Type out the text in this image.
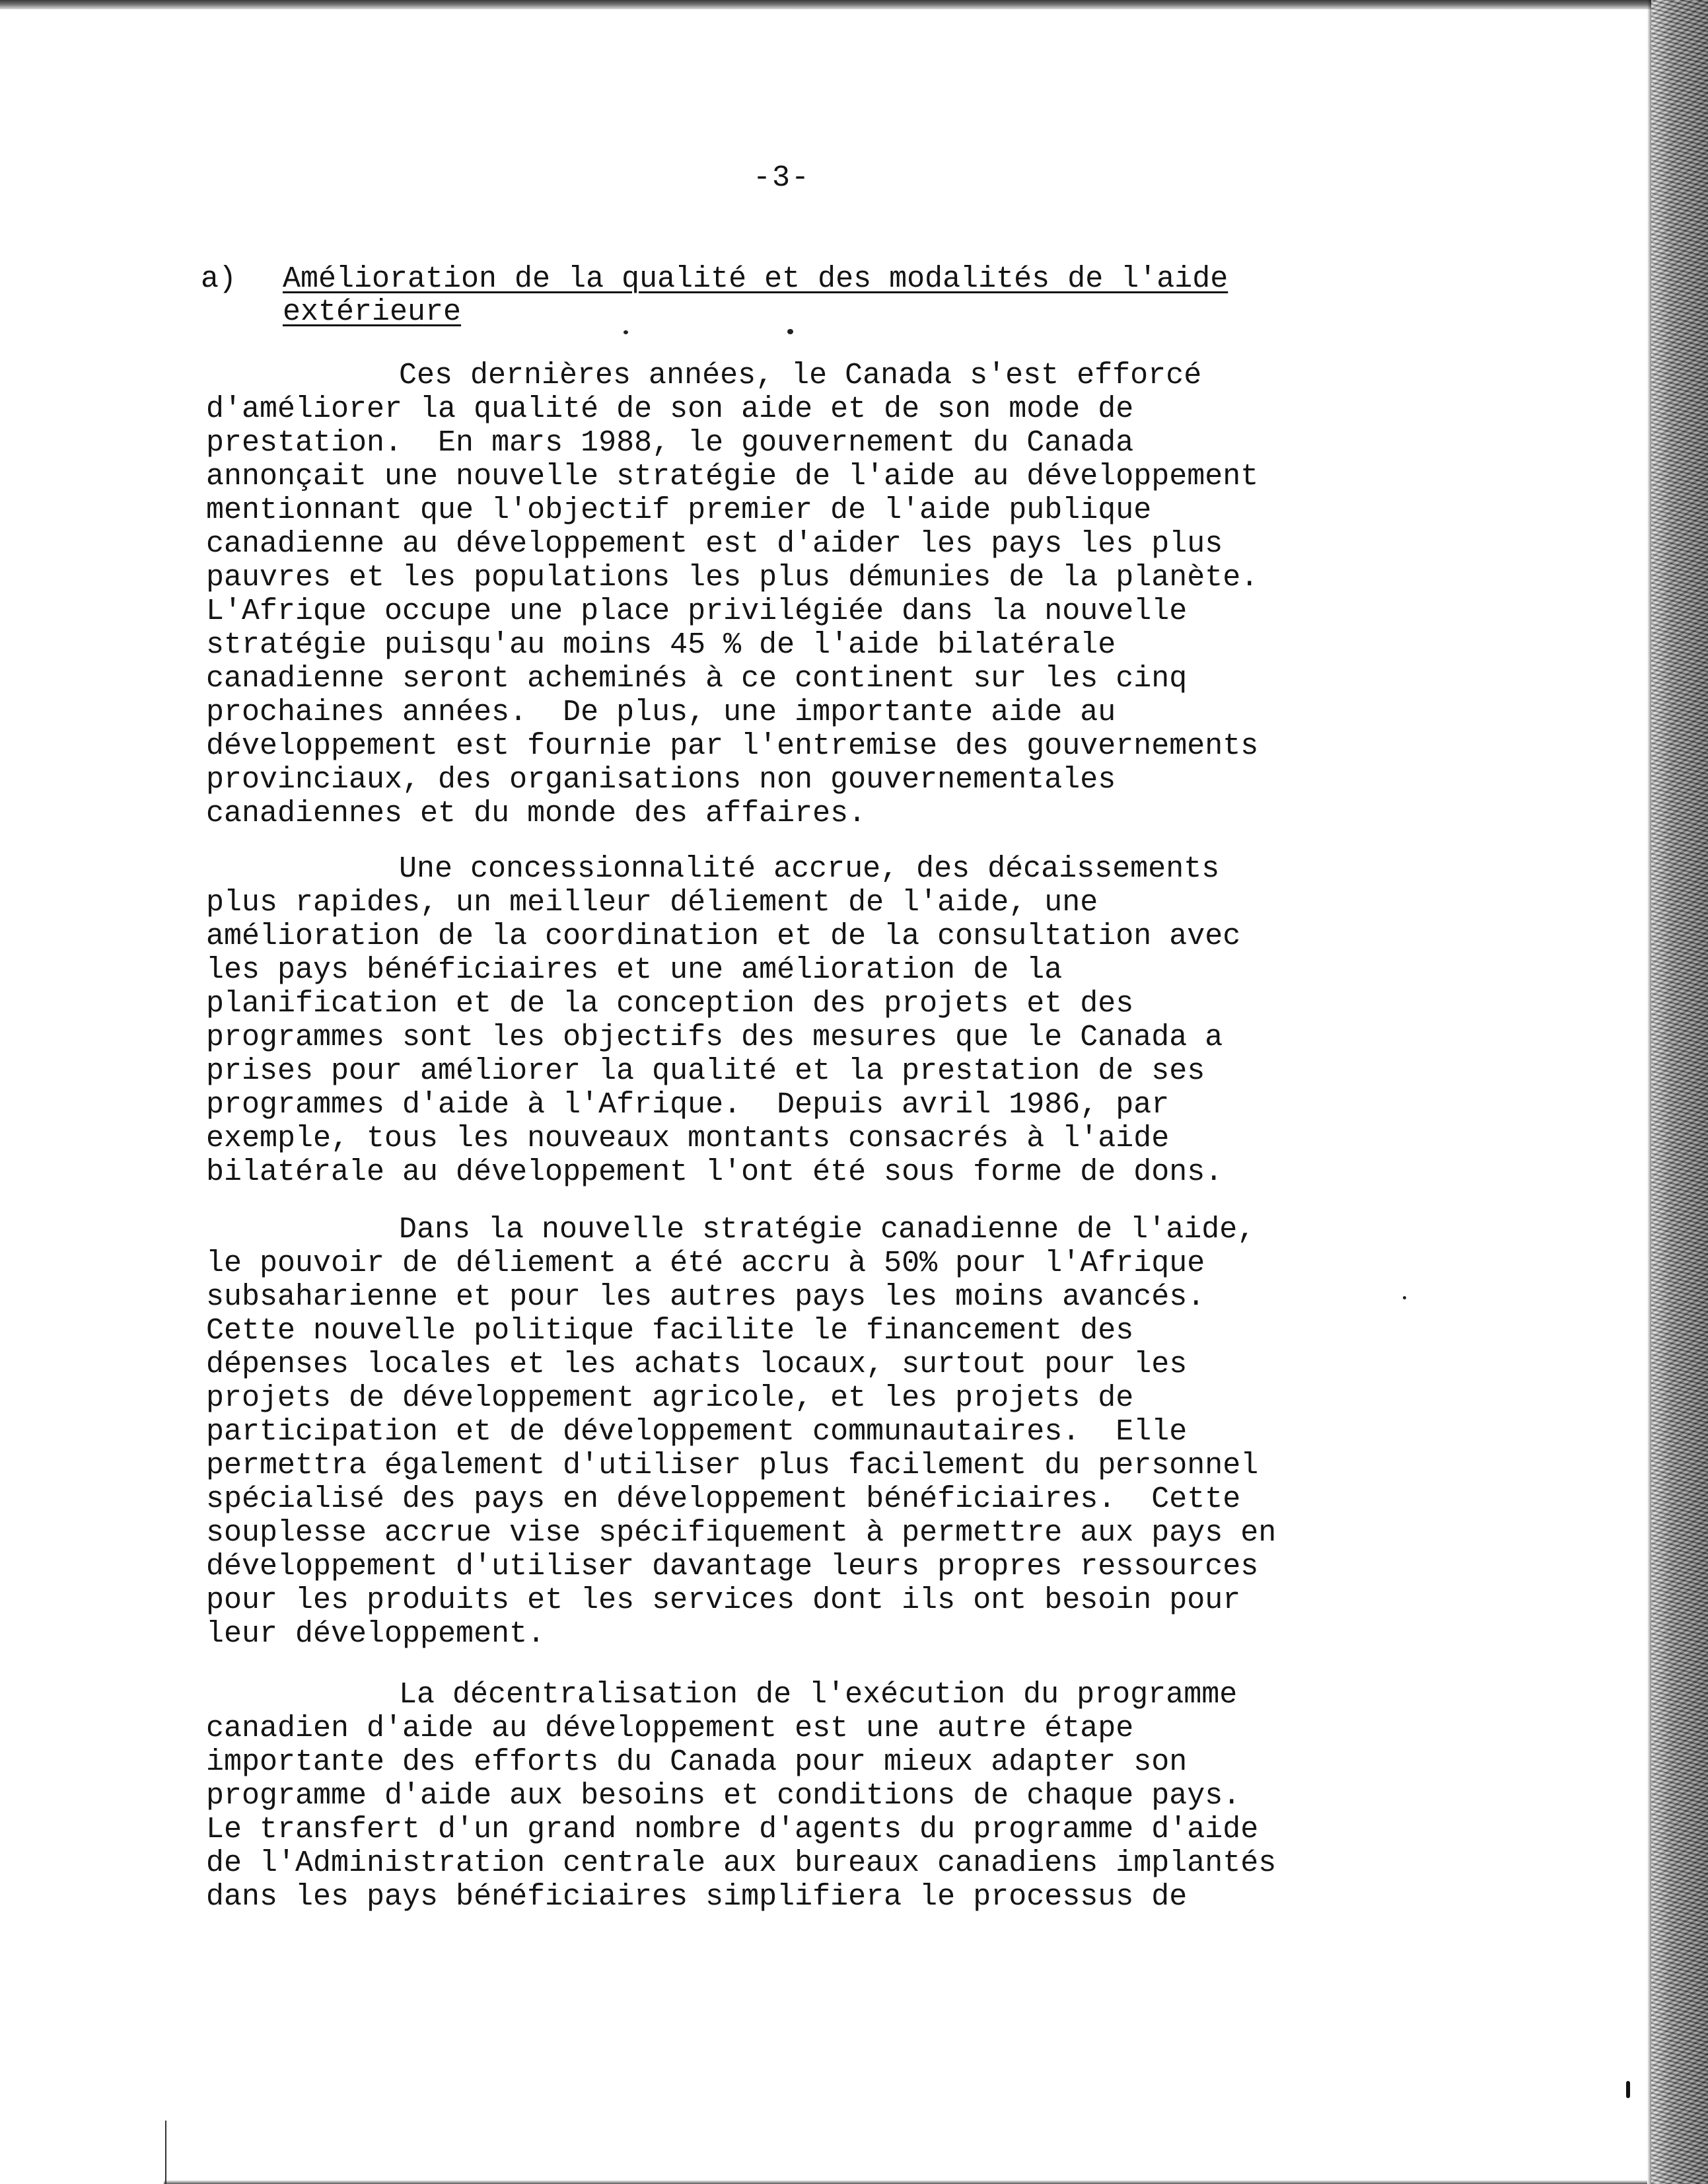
-3-
a) Amélioration de la qualité et des modalités de l'aide
extérieure
Ces dernières années, le Canada s'est efforcé
d'améliorer la qualité de son aide et de son mode de
prestation.  En mars 1988, le gouvernement du Canada
annonçait une nouvelle stratégie de l'aide au développement
mentionnant que l'objectif premier de l'aide publique
canadienne au développement est d'aider les pays les plus
pauvres et les populations les plus démunies de la planète.
L'Afrique occupe une place privilégiée dans la nouvelle
stratégie puisqu'au moins 45 % de l'aide bilatérale
canadienne seront acheminés à ce continent sur les cinq
prochaines années.  De plus, une importante aide au
développement est fournie par l'entremise des gouvernements
provinciaux, des organisations non gouvernementales
canadiennes et du monde des affaires.
Une concessionnalité accrue, des décaissements
plus rapides, un meilleur déliement de l'aide, une
amélioration de la coordination et de la consultation avec
les pays bénéficiaires et une amélioration de la
planification et de la conception des projets et des
programmes sont les objectifs des mesures que le Canada a
prises pour améliorer la qualité et la prestation de ses
programmes d'aide à l'Afrique.  Depuis avril 1986, par
exemple, tous les nouveaux montants consacrés à l'aide
bilatérale au développement l'ont été sous forme de dons.
Dans la nouvelle stratégie canadienne de l'aide,
le pouvoir de déliement a été accru à 50% pour l'Afrique
subsaharienne et pour les autres pays les moins avancés.
Cette nouvelle politique facilite le financement des
dépenses locales et les achats locaux, surtout pour les
projets de développement agricole, et les projets de
participation et de développement communautaires.  Elle
permettra également d'utiliser plus facilement du personnel
spécialisé des pays en développement bénéficiaires.  Cette
souplesse accrue vise spécifiquement à permettre aux pays en
développement d'utiliser davantage leurs propres ressources
pour les produits et les services dont ils ont besoin pour
leur développement.
La décentralisation de l'exécution du programme
canadien d'aide au développement est une autre étape
importante des efforts du Canada pour mieux adapter son
programme d'aide aux besoins et conditions de chaque pays.
Le transfert d'un grand nombre d'agents du programme d'aide
de l'Administration centrale aux bureaux canadiens implantés
dans les pays bénéficiaires simplifiera le processus de
